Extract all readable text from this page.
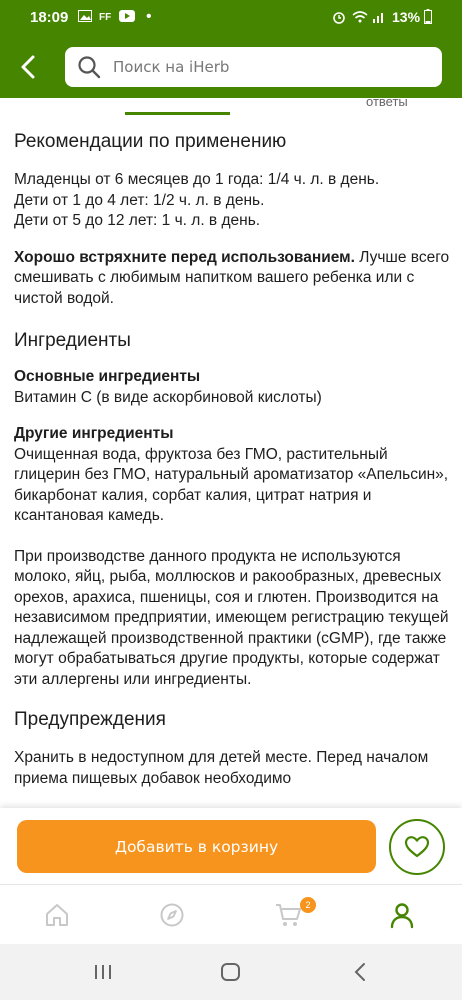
18:09	FF •	13%
Поиск на iHerb
ответы
Рекомендации по применению
Младенцы от 6 месяцев до 1 года: 1/4 ч. л. в день.
Дети от 1 до 4 лет: 1/2 ч. л. в день.
Дети от 5 до 12 лет: 1 ч. л. в день.
Хорошо встряхните перед использованием. Лучше всего смешивать с любимым напитком вашего ребенка или с чистой водой.
Ингредиенты
Основные ингредиенты
Витамин C (в виде аскорбиновой кислоты)
Другие ингредиенты
Очищенная вода, фруктоза без ГМО, растительный глицерин без ГМО, натуральный ароматизатор «Апельсин», бикарбонат калия, сорбат калия, цитрат натрия и ксантановая камедь.
При производстве данного продукта не используются молоко, яйц, рыба, моллюсков и ракообразных, древесных орехов, арахиса, пшеницы, соя и глютен. Производится на независимом предприятии, имеющем регистрацию текущей надлежащей производственной практики (cGMP), где также могут обрабатываться другие продукты, которые содержат эти аллергены или ингредиенты.
Предупреждения
Хранить в недоступном для детей месте. Перед началом приема пищевых добавок необходимо
Добавить в корзину
2
